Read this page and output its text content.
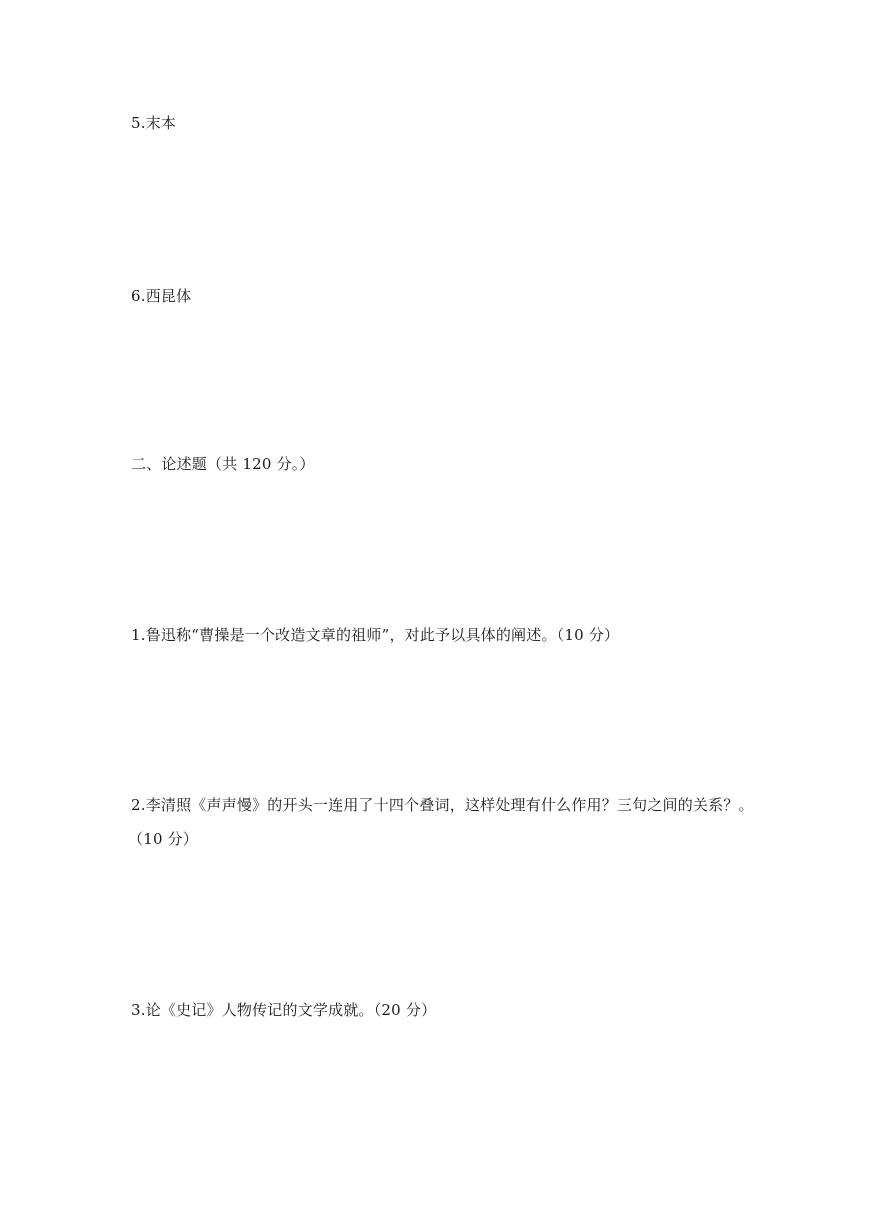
5.末本
6.西昆体
二、论述题（共 120 分。）
1.鲁迅称“曹操是一个改造文章的祖师”，对此予以具体的阐述。（10 分）
2.李清照《声声慢》的开头一连用了十四个叠词，这样处理有什么作用？三句之间的关系？。
（10 分）
3.论《史记》人物传记的文学成就。（20 分）
